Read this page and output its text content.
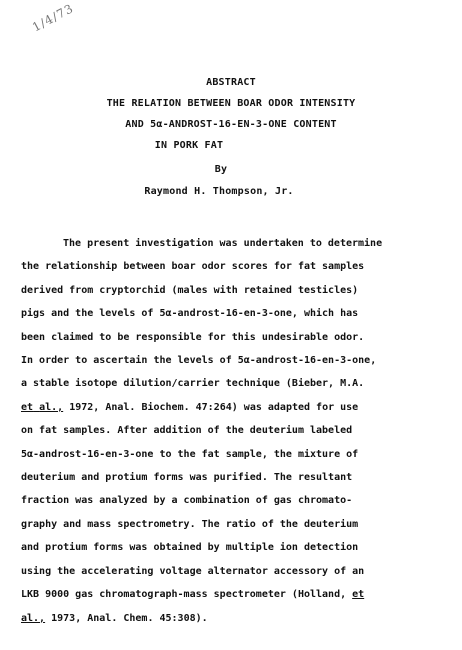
1/4/73
ABSTRACT
THE RELATION BETWEEN BOAR ODOR INTENSITY
AND 5α-ANDROST-16-EN-3-ONE CONTENT
IN PORK FAT
By
Raymond H. Thompson, Jr.
The present investigation was undertaken to determine
the relationship between boar odor scores for fat samples
derived from cryptorchid (males with retained testicles)
pigs and the levels of 5α-androst-16-en-3-one, which has
been claimed to be responsible for this undesirable odor.
In order to ascertain the levels of 5α-androst-16-en-3-one,
a stable isotope dilution/carrier technique (Bieber, M.A.
et al., 1972, Anal. Biochem. 47:264) was adapted for use
on fat samples. After addition of the deuterium labeled
5α-androst-16-en-3-one to the fat sample, the mixture of
deuterium and protium forms was purified. The resultant
fraction was analyzed by a combination of gas chromato-
graphy and mass spectrometry. The ratio of the deuterium
and protium forms was obtained by multiple ion detection
using the accelerating voltage alternator accessory of an
LKB 9000 gas chromatograph-mass spectrometer (Holland, et
al., 1973, Anal. Chem. 45:308).
